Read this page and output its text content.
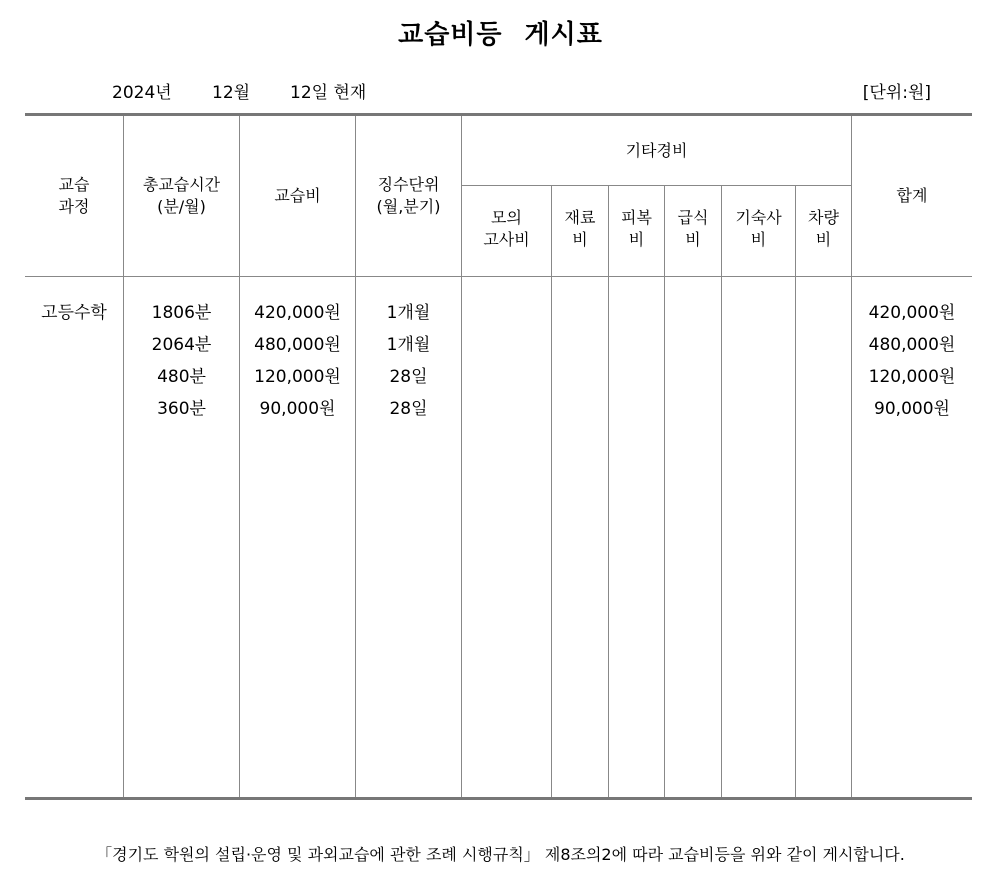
교습비등 게시표
2024년 12월 12일 현재	[단위:원]
교습
과정
총교습시간
(분/월)
교습비
징수단위
(월,분기)
기타경비
모의
고사비
재료
비
피복
비
급식
비
기숙사
비
차량
비
합계
고등수학	1806분
2064분
480분
360분
420,000원
480,000원
120,000원
90,000원
1개월
1개월
28일
28일
420,000원
480,000원
120,000원
90,000원
「경기도 학원의 설립·운영 및 과외교습에 관한 조례 시행규칙」 제8조의2에 따라 교습비등을 위와 같이 게시합니다.
